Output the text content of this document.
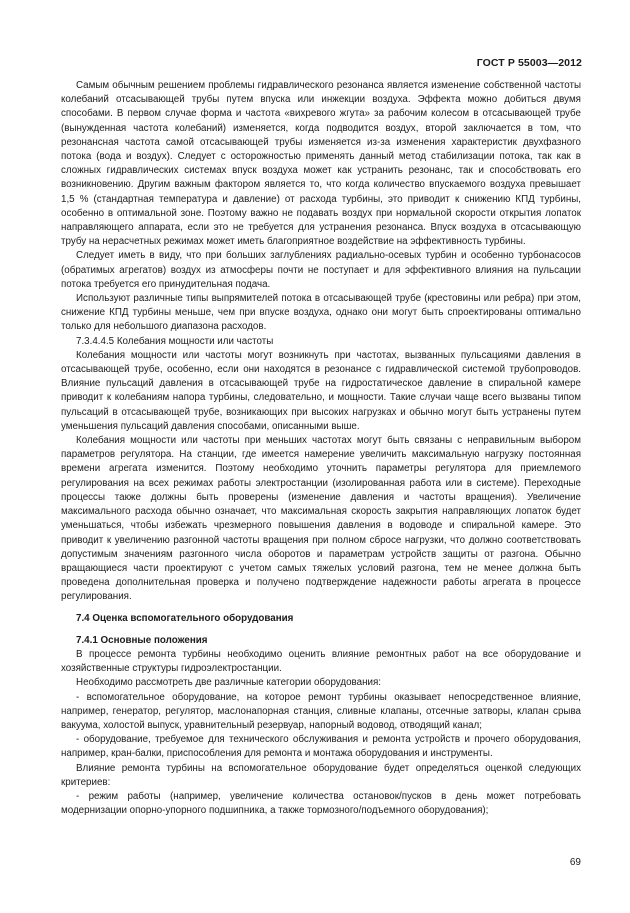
ГОСТ Р 55003—2012

Самым обычным решением проблемы гидравлического резонанса является изменение собственной частоты колебаний отсасывающей трубы путем впуска или инжекции воздуха. Эффекта можно добиться двумя способами. В первом случае форма и частота «вихревого жгута» за рабочим колесом в отсасывающей трубе (вынужденная частота колебаний) изменяется, когда подводится воздух, второй заключается в том, что резонансная частота самой отсасывающей трубы изменяется из-за изменения характеристик двухфазного потока (вода и воздух). Следует с осторожностью применять данный метод стабилизации потока, так как в сложных гидравлических системах впуск воздуха может как устранить резонанс, так и способствовать его возникновению. Другим важным фактором является то, что когда количество впускаемого воздуха превышает 1,5 % (стандартная температура и давление) от расхода турбины, это приводит к снижению КПД турбины, особенно в оптимальной зоне. Поэтому важно не подавать воздух при нормальной скорости открытия лопаток направляющего аппарата, если это не требуется для устранения резонанса. Впуск воздуха в отсасывающую трубу на нерасчетных режимах может иметь благоприятное воздействие на эффективность турбины.

Следует иметь в виду, что при больших заглублениях радиально-осевых турбин и особенно турбонасосов (обратимых агрегатов) воздух из атмосферы почти не поступает и для эффективного влияния на пульсации потока требуется его принудительная подача.

Используют различные типы выпрямителей потока в отсасывающей трубе (крестовины или ребра) при этом, снижение КПД турбины меньше, чем при впуске воздуха, однако они могут быть спроектированы оптимально только для небольшого диапазона расходов.

7.3.4.4.5 Колебания мощности или частоты

Колебания мощности или частоты могут возникнуть при частотах, вызванных пульсациями давления в отсасывающей трубе, особенно, если они находятся в резонансе с гидравлической системой трубопроводов. Влияние пульсаций давления в отсасывающей трубе на гидростатическое давление в спиральной камере приводит к колебаниям напора турбины, следовательно, и мощности. Такие случаи чаще всего вызваны типом пульсаций в отсасывающей трубе, возникающих при высоких нагрузках и обычно могут быть устранены путем уменьшения пульсаций давления способами, описанными выше.

Колебания мощности или частоты при меньших частотах могут быть связаны с неправильным выбором параметров регулятора. На станции, где имеется намерение увеличить максимальную нагрузку постоянная времени агрегата изменится. Поэтому необходимо уточнить параметры регулятора для приемлемого регулирования на всех режимах работы электростанции (изолированная работа или в системе). Переходные процессы также должны быть проверены (изменение давления и частоты вращения). Увеличение максимального расхода обычно означает, что максимальная скорость закрытия направляющих лопаток будет уменьшаться, чтобы избежать чрезмерного повышения давления в водоводе и спиральной камере. Это приводит к увеличению разгонной частоты вращения при полном сбросе нагрузки, что должно соответствовать допустимым значениям разгонного числа оборотов и параметрам устройств защиты от разгона. Обычно вращающиеся части проектируют с учетом самых тяжелых условий разгона, тем не менее должна быть проведена дополнительная проверка и получено подтверждение надежности работы агрегата в процессе регулирования.

7.4 Оценка вспомогательного оборудования
7.4.1 Основные положения

В процессе ремонта турбины необходимо оценить влияние ремонтных работ на все оборудование и хозяйственные структуры гидроэлектростанции.

Необходимо рассмотреть две различные категории оборудования:

- вспомогательное оборудование, на которое ремонт турбины оказывает непосредственное влияние, например, генератор, регулятор, маслонапорная станция, сливные клапаны, отсечные затворы, клапан срыва вакуума, холостой выпуск, уравнительный резервуар, напорный водовод, отводящий канал;

- оборудование, требуемое для технического обслуживания и ремонта устройств и прочего оборудования, например, кран-балки, приспособления для ремонта и монтажа оборудования и инструменты.

Влияние ремонта турбины на вспомогательное оборудование будет определяться оценкой следующих критериев:

- режим работы (например, увеличение количества остановок/пусков в день может потребовать модернизации опорно-упорного подшипника, а также тормозного/подъемного оборудования);

69
